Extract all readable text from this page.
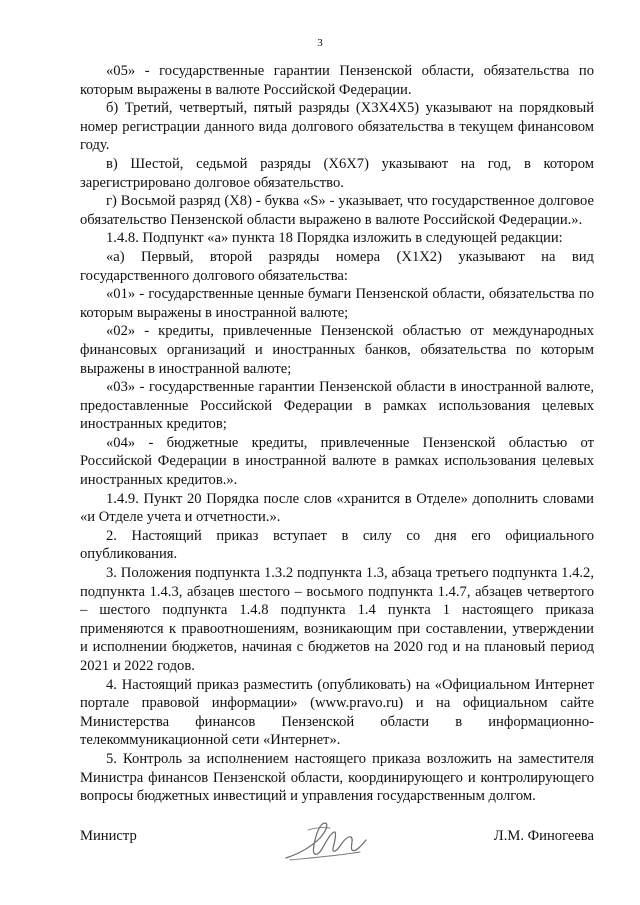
3

«05» - государственные гарантии Пензенской области, обязательства по которым выражены в валюте Российской Федерации.

б) Третий, четвертый, пятый разряды (Х3Х4Х5) указывают на порядковый номер регистрации данного вида долгового обязательства в текущем финансовом году.

в) Шестой, седьмой разряды (Х6Х7) указывают на год, в котором зарегистрировано долговое обязательство.

г) Восьмой разряд (Х8) - буква «S» - указывает, что государственное долговое обязательство Пензенской области выражено в валюте Российской Федерации.».

1.4.8. Подпункт «а» пункта 18 Порядка изложить в следующей редакции:

«а) Первый, второй разряды номера (Х1Х2) указывают на вид государственного долгового обязательства:

«01» - государственные ценные бумаги Пензенской области, обязательства по которым выражены в иностранной валюте;

«02» - кредиты, привлеченные Пензенской областью от международных финансовых организаций и иностранных банков, обязательства по которым выражены в иностранной валюте;

«03» - государственные гарантии Пензенской области в иностранной валюте, предоставленные Российской Федерации в рамках использования целевых иностранных кредитов;

«04» - бюджетные кредиты, привлеченные Пензенской областью от Российской Федерации в иностранной валюте в рамках использования целевых иностранных кредитов.».

1.4.9. Пункт 20 Порядка после слов «хранится в Отделе» дополнить словами «и Отделе учета и отчетности.».

2. Настоящий приказ вступает в силу со дня его официального опубликования.

3. Положения подпункта 1.3.2 подпункта 1.3, абзаца третьего подпункта 1.4.2, подпункта 1.4.3, абзацев шестого – восьмого подпункта 1.4.7, абзацев четвертого – шестого подпункта 1.4.8 подпункта 1.4 пункта 1 настоящего приказа применяются к правоотношениям, возникающим при составлении, утверждении и исполнении бюджетов, начиная с бюджетов на 2020 год и на плановый период 2021 и 2022 годов.

4. Настоящий приказ разместить (опубликовать) на «Официальном Интернет портале правовой информации» (www.pravo.ru) и на официальном сайте Министерства финансов Пензенской области в информационно-телекоммуникационной сети «Интернет».

5. Контроль за исполнением настоящего приказа возложить на заместителя Министра финансов Пензенской области, координирующего и контролирующего вопросы бюджетных инвестиций и управления государственным долгом.

Министр	Л.М. Финогеева
